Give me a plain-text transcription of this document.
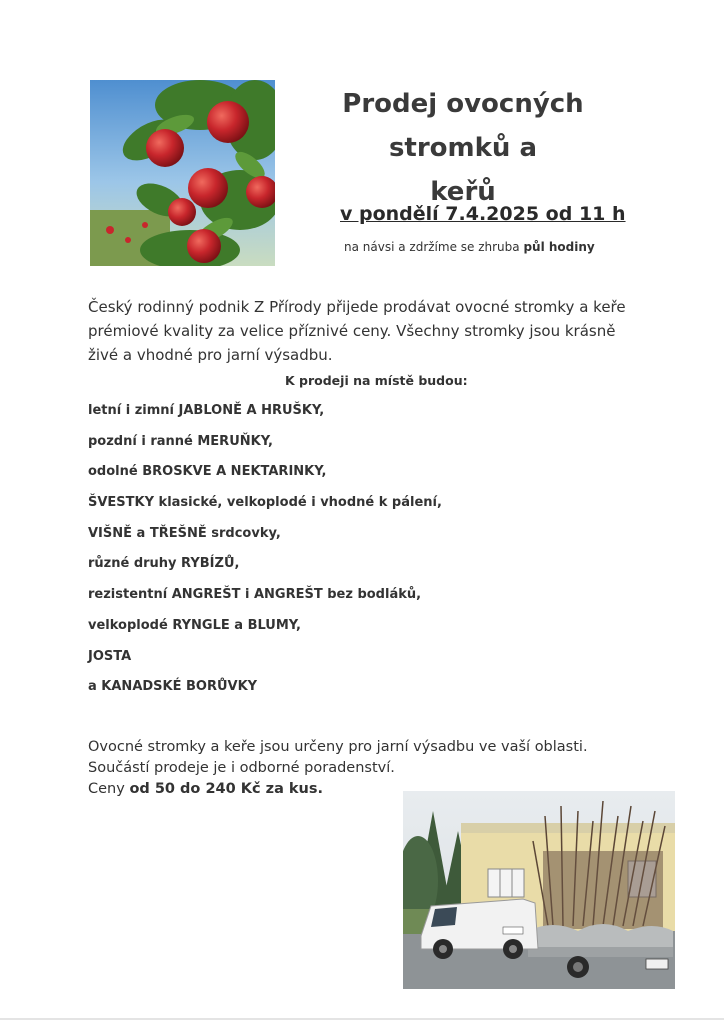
Prodej ovocných stromků a
keřů
v pondělí 7.4.2025 od 11 h
na návsi a zdržíme se zhruba půl hodiny
Český rodinný podnik Z Přírody přijede prodávat ovocné stromky a keře prémiové kvality za velice příznivé ceny. Všechny stromky jsou krásně živé a vhodné pro jarní výsadbu.
K prodeji na místě budou:
letní i zimní JABLONĚ A HRUŠKY,
pozdní i ranné MERUŇKY,
odolné BROSKVE A NEKTARINKY,
ŠVESTKY klasické, velkoplodé i vhodné k pálení,
VIŠNĚ a TŘEŠNĚ srdcovky,
různé druhy RYBÍZŮ,
rezistentní ANGREŠT i ANGREŠT bez bodláků,
velkoplodé RYNGLE a BLUMY,
JOSTA
a KANADSKÉ BORŮVKY
Ovocné stromky a keře jsou určeny pro jarní výsadbu ve vaší oblasti.
Součástí prodeje je i odborné poradenství.
Ceny od 50 do 240 Kč za kus.
